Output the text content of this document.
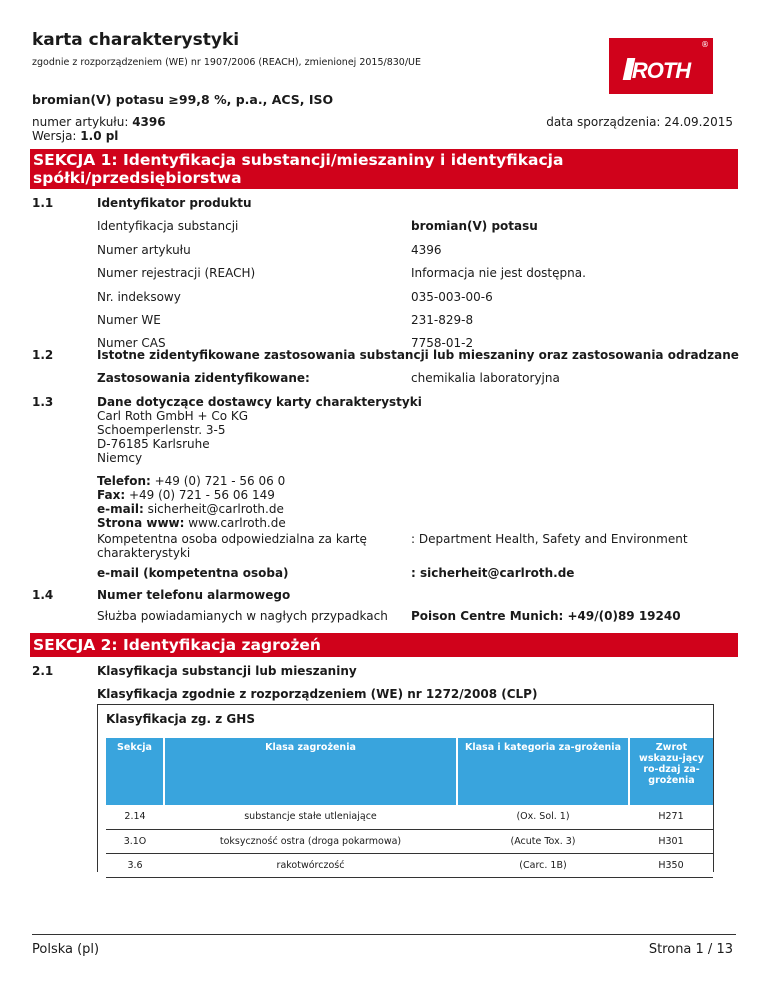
karta charakterystyki
zgodnie z rozporządzeniem (WE) nr 1907/2006 (REACH), zmienionej 2015/830/UE	ROTH
®
bromian(V) potasu ≥99,8 %, p.a., ACS, ISO
numer artykułu: 4396
Wersja: 1.0 pl
data sporządzenia: 24.09.2015
SEKCJA 1: Identyfikacja substancji/mieszaniny i identyfikacja
spółki/przedsiębiorstwa
1.1	Identyfikator produktu
Identyfikacja substancji	bromian(V) potasu
Numer artykułu	4396
Numer rejestracji (REACH)	Informacja nie jest dostępna.
Nr. indeksowy	035-003-00-6
Numer WE	231-829-8
Numer CAS	7758-01-2
1.2	Istotne zidentyfikowane zastosowania substancji lub mieszaniny oraz zastosowania odradzane
Zastosowania zidentyfikowane:	chemikalia laboratoryjna
1.3	Dane dotyczące dostawcy karty charakterystyki
Carl Roth GmbH + Co KG
Schoemperlenstr. 3-5
D-76185 Karlsruhe
Niemcy
Telefon: +49 (0) 721 - 56 06 0
Fax: +49 (0) 721 - 56 06 149
e-mail: sicherheit@carlroth.de
Strona www: www.carlroth.de
Kompetentna osoba odpowiedzialna za kartę
charakterystyki
: Department Health, Safety and Environment
e-mail (kompetentna osoba)	: sicherheit@carlroth.de
1.4	Numer telefonu alarmowego
Służba powiadamianych w nagłych przypadkach Poison Centre Munich: +49/(0)89 19240
SEKCJA 2: Identyfikacja zagrożeń
2.1	Klasyfikacja substancji lub mieszaniny
Klasyfikacja zgodnie z rozporządzeniem (WE) nr 1272/2008 (CLP)
Klasyfikacja zg. z GHS
Sekcja	Klasa zagrożenia	Klasa i kategoria za-grożenia	Zwrot wskazu-jący ro-dzaj za-grożenia
2.14	substancje stałe utleniające	(Ox. Sol. 1)	H271
3.1O	toksyczność ostra (droga pokarmowa)	(Acute Tox. 3)	H301
3.6	rakotwórczość	(Carc. 1B)	H350
Polska (pl)	Strona 1 / 13
